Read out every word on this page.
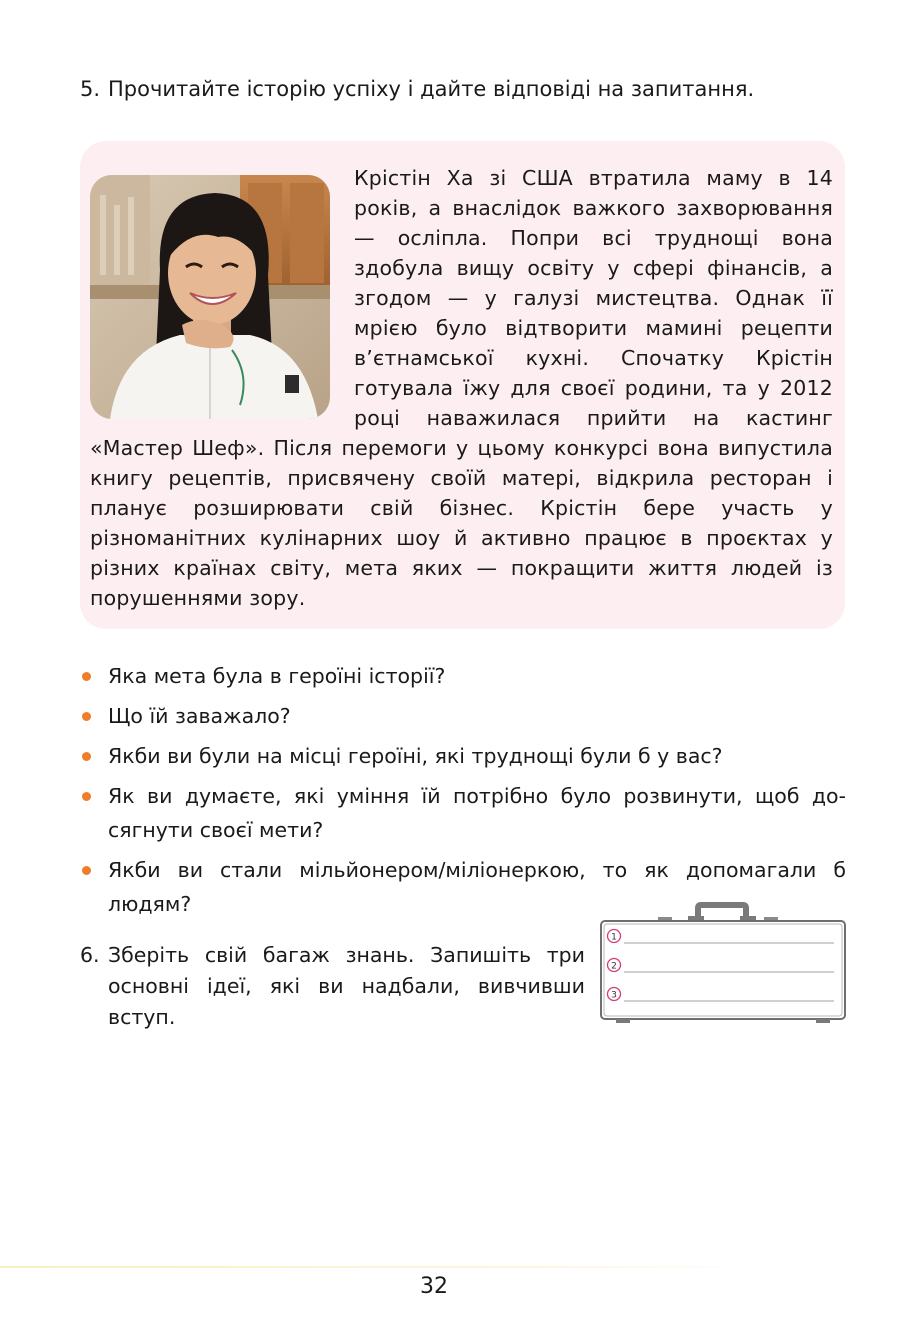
5. Прочитайте історію успіху і дайте відповіді на запитання.

Крістін Ха зі США втратила маму в 14 років, а внаслідок важкого захворювання — осліпла. Попри всі труднощі вона здобула вищу освіту у сфері фінансів, а згодом — у галузі мистецтва. Однак її мрією було відтворити мамині рецепти в’єтнамської кухні. Спочатку Крістін готувала їжу для своєї родини, та у 2012 році наважилася прийти на кастинг «Мастер Шеф». Після перемоги у цьому конкурсі вона випустила книгу рецептів, присвячену своїй матері, відкрила ресторан і планує розширювати свій бізнес. Крістін бере участь у різноманітних кулінарних шоу й активно працює в проєктах у різних країнах світу, мета яких — покращити життя людей із порушеннями зору.

Яка мета була в героїні історії?
Що їй заважало?
Якби ви були на місці героїні, які труднощі були б у вас?
Як ви думаєте, які уміння їй потрібно було розвинути, щоб досягнути своєї мети?
Якби ви стали мільйонером/міліонеркою, то як допомагали б людям?
6. Зберіть свій багаж знань. Запишіть три основні ідеї, які ви надбали, вивчивши вступ.
1
2
3
32
